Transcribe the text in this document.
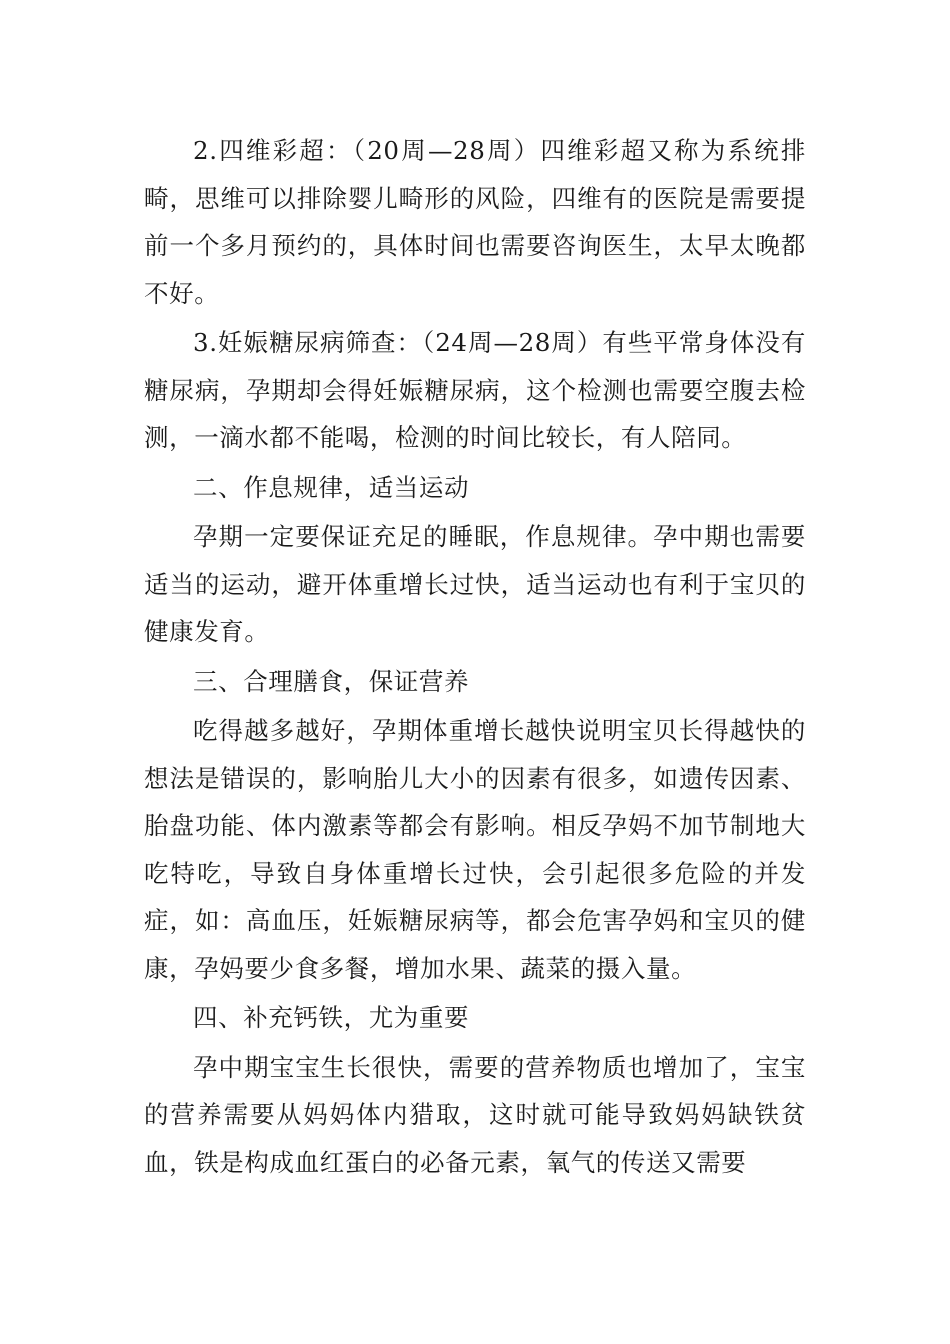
2.四维彩超：（20周—28周）四维彩超又称为系统排畸，思维可以排除婴儿畸形的风险，四维有的医院是需要提前一个多月预约的，具体时间也需要咨询医生，太早太晚都不好。

3.妊娠糖尿病筛查：（24周—28周）有些平常身体没有糖尿病，孕期却会得妊娠糖尿病，这个检测也需要空腹去检测，一滴水都不能喝，检测的时间比较长，有人陪同。

二、作息规律，适当运动

孕期一定要保证充足的睡眠，作息规律。孕中期也需要适当的运动，避开体重增长过快，适当运动也有利于宝贝的健康发育。

三、合理膳食，保证营养

吃得越多越好，孕期体重增长越快说明宝贝长得越快的想法是错误的，影响胎儿大小的因素有很多，如遗传因素、胎盘功能、体内激素等都会有影响。相反孕妈不加节制地大吃特吃，导致自身体重增长过快，会引起很多危险的并发症，如：高血压，妊娠糖尿病等，都会危害孕妈和宝贝的健康，孕妈要少食多餐，增加水果、蔬菜的摄入量。

四、补充钙铁，尤为重要

孕中期宝宝生长很快，需要的营养物质也增加了，宝宝的营养需要从妈妈体内猎取，这时就可能导致妈妈缺铁贫血，铁是构成血红蛋白的必备元素，氧气的传送又需要
